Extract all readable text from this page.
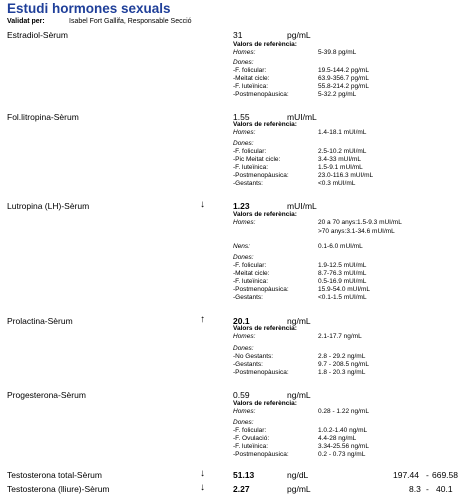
Estudi hormones sexuals
Validat per:	Isabel Fort Gallifa, Responsable Secció
Estradiol-Sèrum	31	pg/mL
Valors de referència:
Homes:	5-39.8 pg/mL
Dones:
-F. folicular:	19.5-144.2 pg/mL
-Meitat cicle:	63.9-356.7 pg/mL
-F. luteïnica:	55.8-214.2 pg/mL
-Postmenopàusica:	5-32.2 pg/mL
Fol.litropina-Sèrum	1.55	mUI/mL
Valors de referència:
Homes:	1.4-18.1 mUI/mL
Dones:
-F. folicular:	2.5-10.2 mUI/mL
-Pic Meitat cicle:	3.4-33 mUI/mL
-F. luteïnica:	1.5-9.1 mUI/mL
-Postmenopàusica:	23.0-116.3 mUI/mL
-Gestants:	<0.3 mUI/mL
Lutropina (LH)-Sèrum	↓	1.23	mUI/mL
Valors de referència:
Homes:	20 a 70 anys:1.5-9.3 mUI/mL
>70 anys:3.1-34.6 mUI/mL
Nens:	0.1-6.0 mUI/mL
Dones:
-F. folicular:	1.9-12.5 mUI/mL
-Meitat cicle:	8.7-76.3 mUI/mL
-F. luteïnica:	0.5-16.9 mUI/mL
-Postmenopàusica:	15.9-54.0 mUI/mL
-Gestants:	<0.1-1.5 mUI/mL
Prolactina-Sèrum	↑	20.1	ng/mL
Valors de referència:
Homes:	2.1-17.7 ng/mL
Dones:
-No Gestants:	2.8 - 29.2 ng/mL
-Gestants:	9.7 - 208.5 ng/mL
-Postmenopàusica:	1.8 - 20.3 ng/mL
Progesterona-Sèrum	0.59	ng/mL
Valors de referència:
Homes:	0.28 - 1.22 ng/mL
Dones:
-F. folicular:	1.0.2-1.40 ng/mL
-F. Ovulació:	4.4-28 ng/mL
-F. luteïnica:	3.34-25.56 ng/mL
-Postmenopàusica:	0.2 - 0.73 ng/mL
Testosterona total-Sèrum	↓	51.13	ng/dL	197.44 - 669.58
Testosterona (lliure)-Sèrum	↓	2.27	pg/mL	8.3 - 40.1
